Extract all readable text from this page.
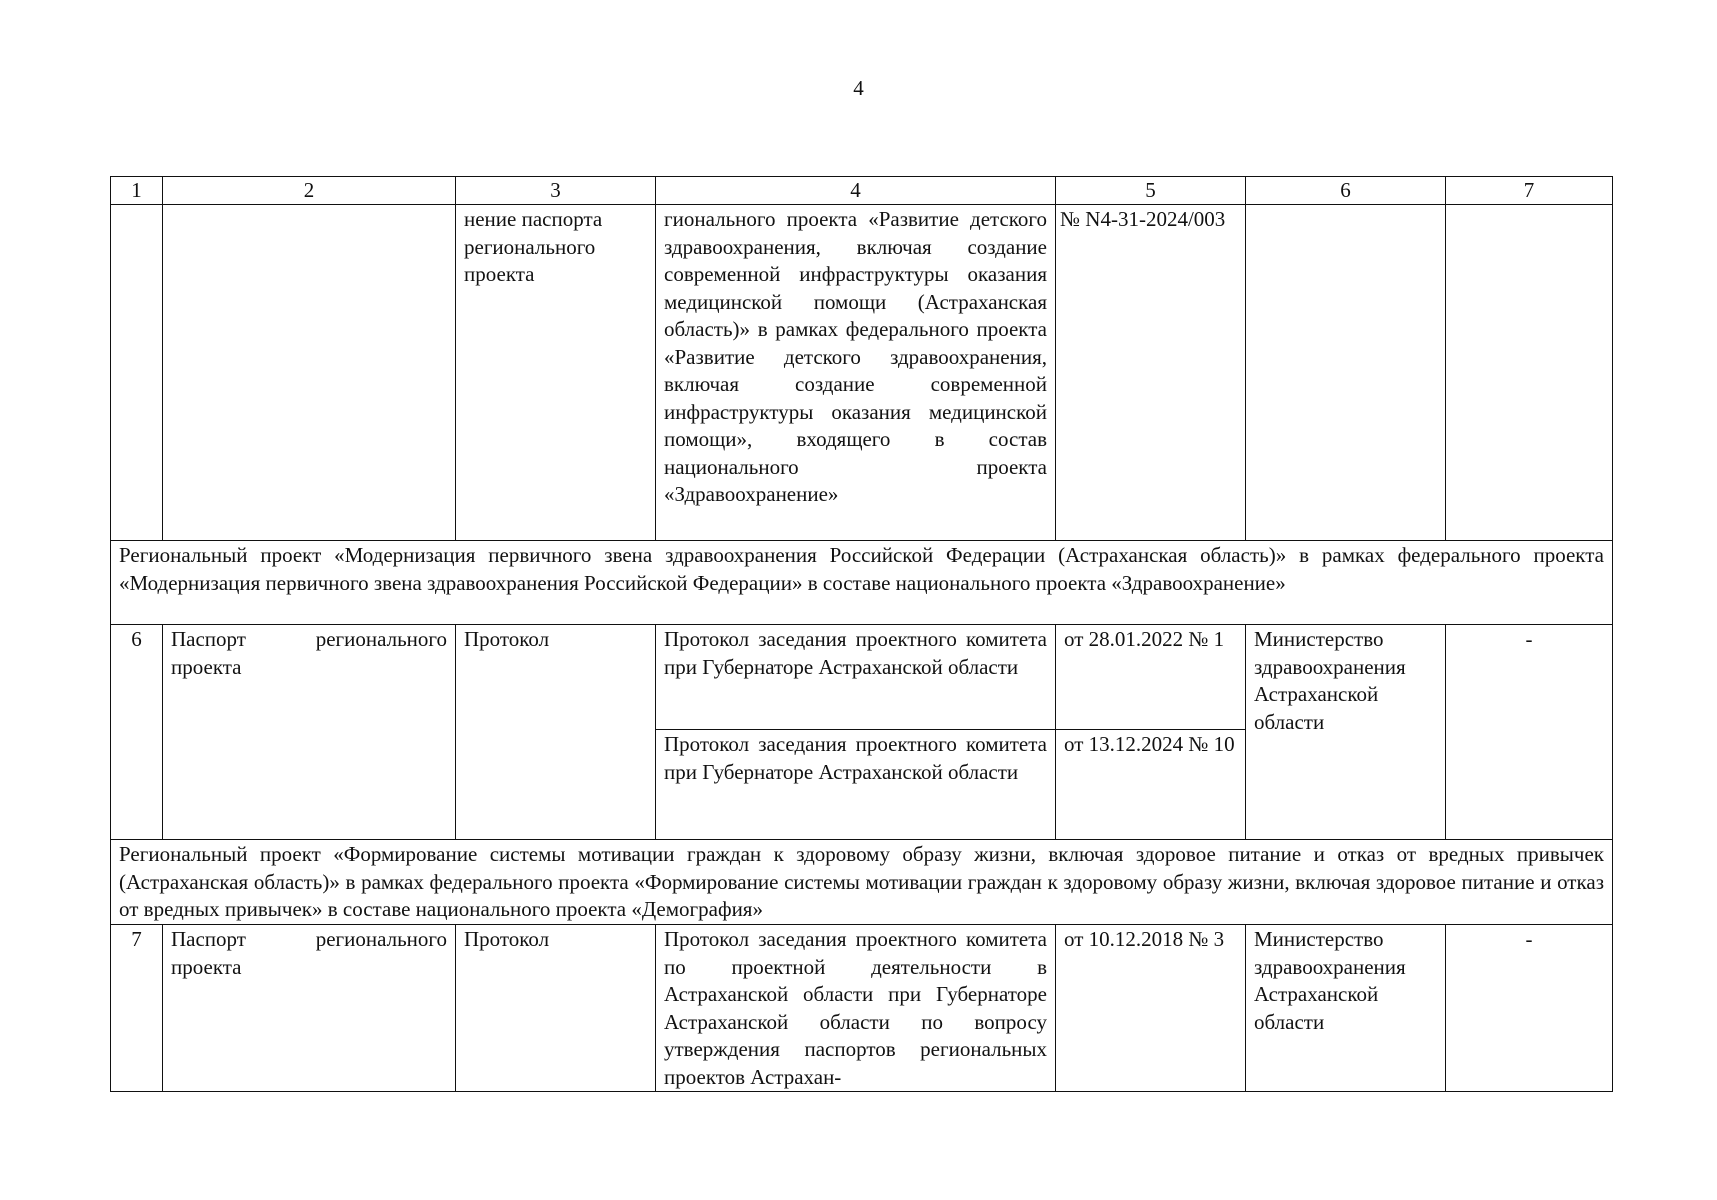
4
1	2	3	4	5	6	7
		нение паспорта регионального проекта	гионального проекта «Развитие детского здравоохранения, включая создание современной инфраструктуры оказания медицинской помощи (Астраханская область)» в рамках федерального проекта «Развитие детского здравоохранения, включая создание современной инфраструктуры оказания медицинской помощи», входящего в состав национального проекта «Здравоохранение»	№ N4-31-2024/003		
Региональный проект «Модернизация первичного звена здравоохранения Российской Федерации (Астраханская область)» в рамках федерального проекта «Модернизация первичного звена здравоохранения Российской Федерации» в составе национального проекта «Здравоохранение»						
6	Паспорт регионального проекта	Протокол	Протокол заседания проектного комитета при Губернаторе Астраханской области	от 28.01.2022 № 1	Министерство здравоохранения Астраханской области	-
			Протокол заседания проектного комитета при Губернаторе Астраханской области	от 13.12.2024 № 10		
Региональный проект «Формирование системы мотивации граждан к здоровому образу жизни, включая здоровое питание и отказ от вредных привычек (Астраханская область)» в рамках федерального проекта «Формирование системы мотивации граждан к здоровому образу жизни, включая здоровое питание и отказ от вредных привычек» в составе национального проекта «Демография»						
7	Паспорт регионального проекта	Протокол	Протокол заседания проектного комитета по проектной деятельности в Астраханской области при Губернаторе Астраханской области по вопросу утверждения паспортов региональных проектов Астрахан-	от 10.12.2018 № 3	Министерство здравоохранения Астраханской области	-
